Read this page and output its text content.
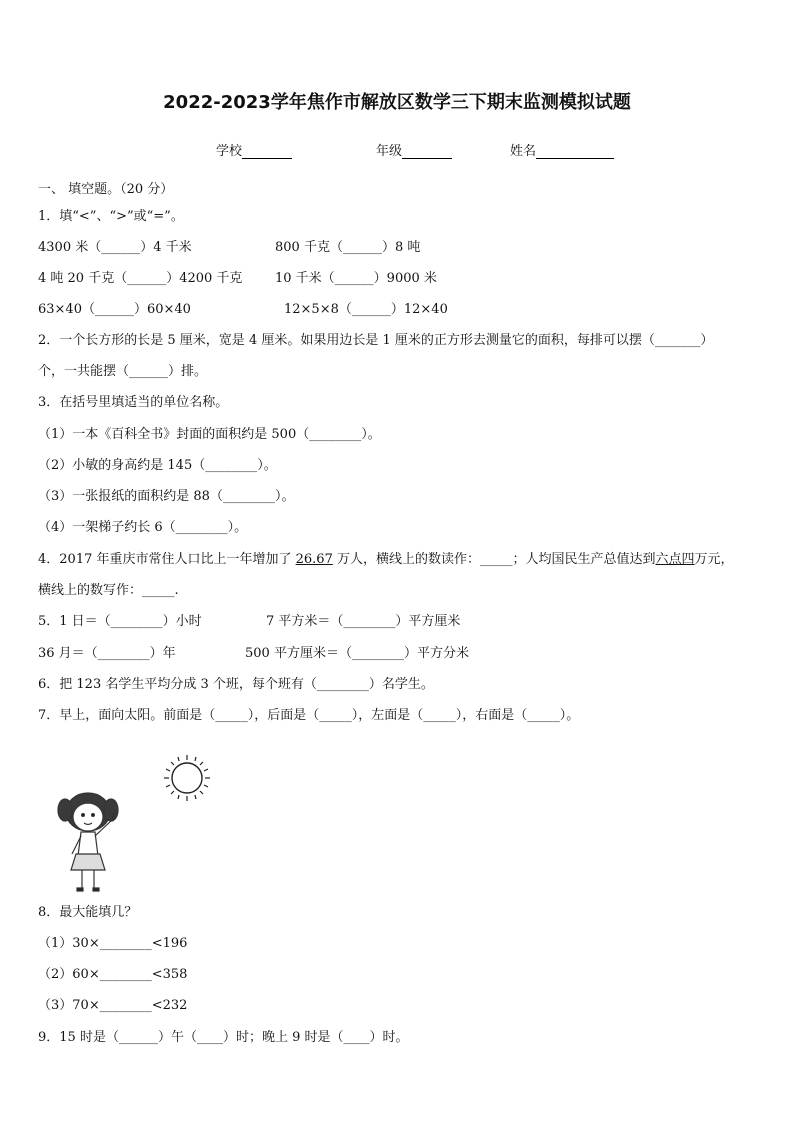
2022-2023学年焦作市解放区数学三下期末监测模拟试题
学校	年级	姓名
一、 填空题。（20 分）
1．填“<”、“>”或“=”。
4300 米（______）4 千米	800 千克（______）8 吨
4 吨 20 千克（______）4200 千克	10 千米（______）9000 米
63×40（______）60×40	12×5×8（______）12×40
2．一个长方形的长是 5 厘米，宽是 4 厘米。如果用边长是 1 厘米的正方形去测量它的面积，每排可以摆（_______）
个，一共能摆（______）排。
3．在括号里填适当的单位名称。
（1）一本《百科全书》封面的面积约是 500（________）。
（2）小敏的身高约是 145（________）。
（3）一张报纸的面积约是 88（________）。
（4）一架梯子约长 6（________）。
4．2017 年重庆市常住人口比上一年增加了 26.67 万人，横线上的数读作：_____；人均国民生产总值达到六点四万元，
横线上的数写作：_____.
5．1 日＝（________）小时	7 平方米＝（________）平方厘米
36 月＝（________）年	500 平方厘米＝（________）平方分米
6．把 123 名学生平均分成 3 个班，每个班有（________）名学生。
7．早上，面向太阳。前面是（_____），后面是（_____），左面是（_____），右面是（_____）。
8．最大能填几？
（1）30×________<196
（2）60×________<358
（3）70×________<232
9．15 时是（______）午（____）时；晚上 9 时是（____）时。
